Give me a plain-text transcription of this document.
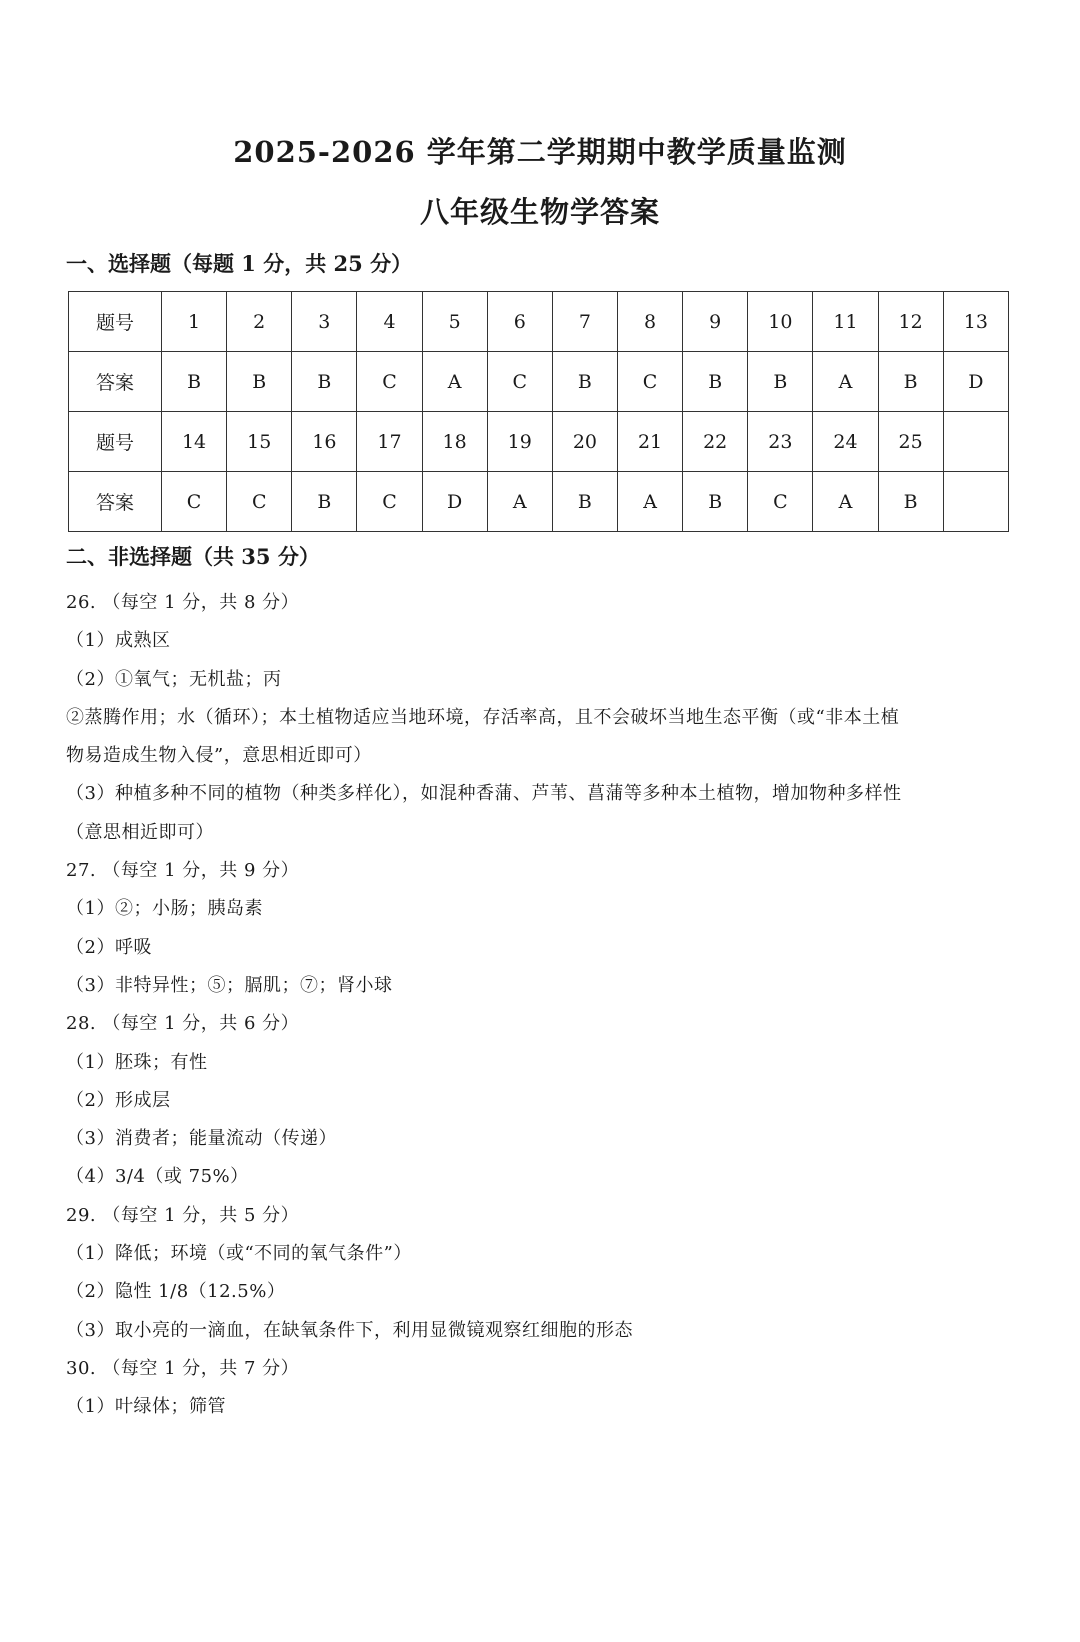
2025-2026 学年第二学期期中教学质量监测
八年级生物学答案
一、选择题（每题 1 分，共 25 分）
题号	1	2	3	4	5	6	7	8	9	10	11	12	13
答案	B	B	B	C	A	C	B	C	B	B	A	B	D
题号	14	15	16	17	18	19	20	21	22	23	24	25	
答案	C	C	B	C	D	A	B	A	B	C	A	B	
二、非选择题（共 35 分）
26. （每空 1 分，共 8 分）
（1）成熟区
（2）①氧气；无机盐；丙
②蒸腾作用；水（循环）；本土植物适应当地环境，存活率高，且不会破坏当地生态平衡（或“非本土植
物易造成生物入侵”，意思相近即可）
（3）种植多种不同的植物（种类多样化），如混种香蒲、芦苇、菖蒲等多种本土植物，增加物种多样性
（意思相近即可）
27. （每空 1 分，共 9 分）
（1）②；小肠；胰岛素
（2）呼吸
（3）非特异性；⑤；膈肌；⑦；肾小球
28. （每空 1 分，共 6 分）
（1）胚珠；有性
（2）形成层
（3）消费者；能量流动（传递）
（4）3/4（或 75%）
29. （每空 1 分，共 5 分）
（1）降低；环境（或“不同的氧气条件”）
（2）隐性 1/8（12.5%）
（3）取小亮的一滴血，在缺氧条件下，利用显微镜观察红细胞的形态
30. （每空 1 分，共 7 分）
（1）叶绿体；筛管
